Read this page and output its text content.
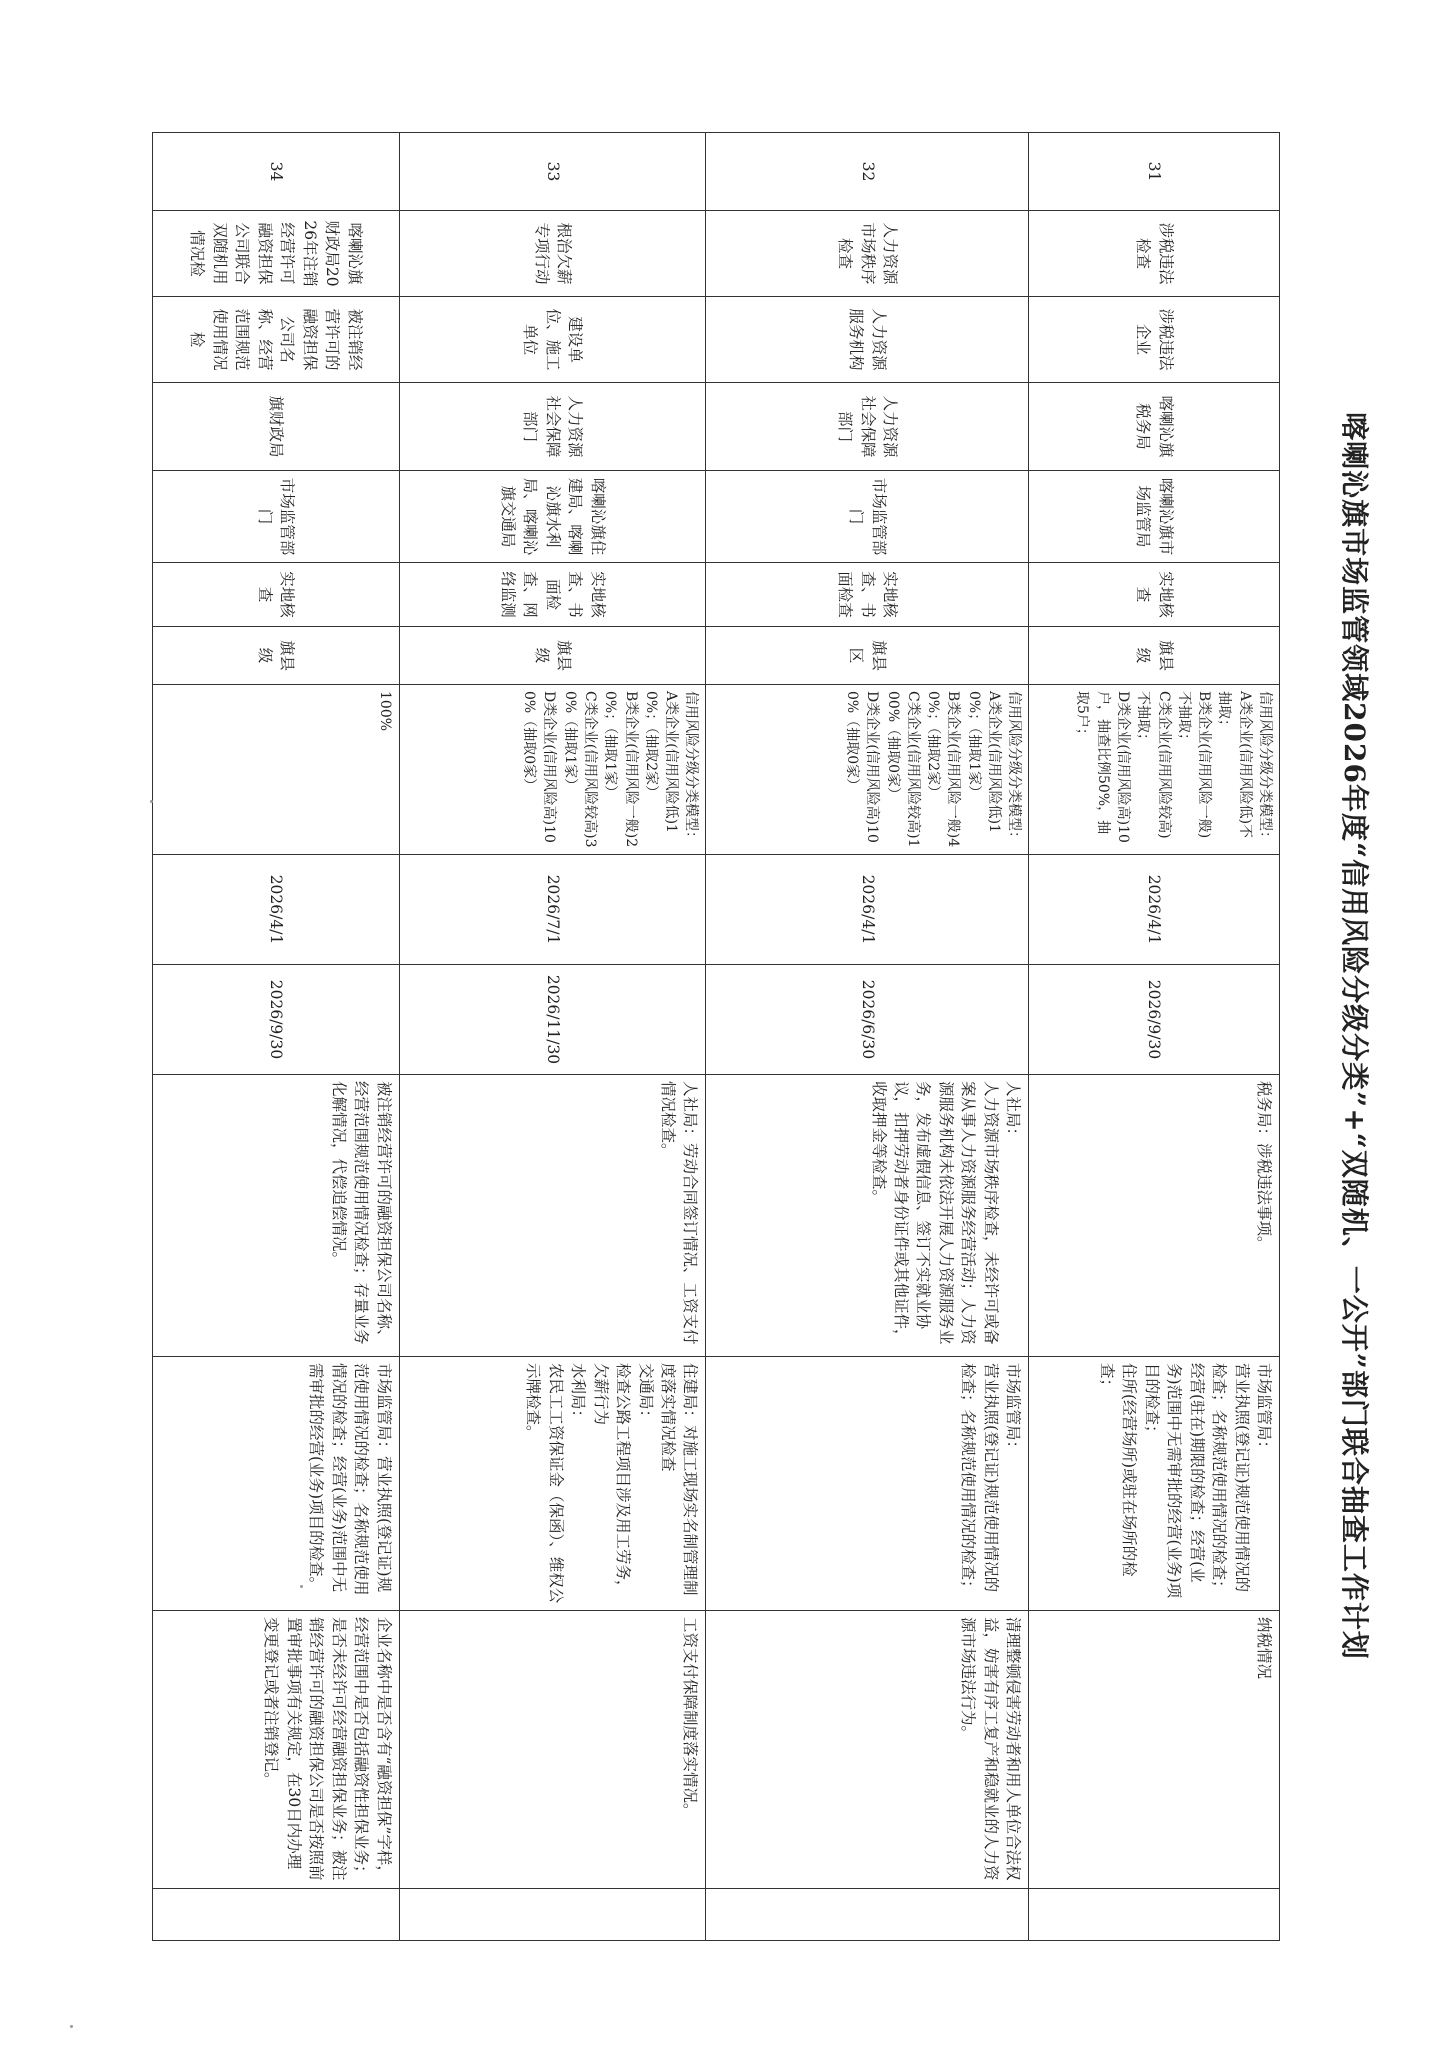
喀喇沁旗市场监管领域2026年度“信用风险分级分类”+“双随机、一公开”部门联合抽查工作计划
31	涉税违法检查	涉税违法企业	喀喇沁旗税务局	喀喇沁旗市场监管局	实地核查	旗县级	信用风险分级分类模型：
A类企业(信用风险低)不抽取；
B类企业(信用风险一般)不抽取；
C类企业(信用风险较高)不抽取；
D类企业(信用风险高)10户，抽查比例50%，抽取5户；	2026/4/1	2026/9/30	税务局：涉税违法事项。	市场监管局：
营业执照(登记证)规范使用情况的检查；名称规范使用情况的检查；
经营(驻在)期限的检查；经营(业务)范围中无需审批的经营(业务)项目的检查；
住所(经营场所)或驻在场所的检查；	纳税情况	

32	人力资源市场秩序检查	人力资源服务机构	人力资源社会保障部门	市场监管部门	实地核查、书面检查	旗县区	信用风险分级分类模型：
A类企业(信用风险低)10%；（抽取1家）
B类企业(信用风险一般)40%；（抽取2家）
C类企业(信用风险较高)100%（抽取0家）
D类企业(信用风险高)100%（抽取0家）	2026/4/1	2026/6/30	人社局：
人力资源市场秩序检查，未经许可或备案从事人力资源服务经营活动；人力资源服务机构未依法开展人力资源服务业务，发布虚假信息、签订不实就业协议，扣押劳动者身份证件或其他证件，收取押金等检查。	市场监管局：
营业执照(登记证)规范使用情况的检查；名称规范使用情况的检查；	清理整顿侵害劳动者和用人单位合法权益，妨害有序工复产和稳就业的人力资源市场违法行为。	

33	根治欠薪专项行动	建设单位、施工单位	人力资源社会保障部门	喀喇沁旗住建局、喀喇沁旗水利局、喀喇沁旗交通局	实地核查、书面检查、网络监测	旗县级	信用风险分级分类模型：
A类企业(信用风险低)10%；（抽取2家）
B类企业(信用风险一般)20%；（抽取1家）
C类企业(信用风险较高)30%（抽取1家）
D类企业(信用风险高)100%（抽取0家）	2026/7/1	2026/11/30	人社局：劳动合同签订情况、工资支付情况检查。	住建局：对施工现场实名制管理制度落实情况检查
交通局：
检查公路工程项目涉及用工劳务，欠薪行为
水利局：
农民工工资保证金（保函）、维权公示牌检查。	工资支付保障制度落实情况。	

34	喀喇沁旗财政局2026年注销经营许可融资担保公司联合双随机用情况检	被注销经营许可的融资担保公司名称、经营范围规范使用情况检	旗财政局	市场监管部门	实地核查	旗县级	100%	2026/4/1	2026/9/30	被注销经营许可的融资担保公司名称、经营范围规范使用情况检查；存量业务化解情况，代偿追偿情况。	市场监管局：营业执照(登记证)规范使用情况的检查；名称规范使用情况的检查；经营(业务)范围中无需审批的经营(业务)项目的检查。	企业名称中是否含有“融资担保”字样，经营范围中是否包括融资性担保业务；是否未经许可经营融资担保业务；被注销经营许可的融资担保公司是否按照前置审批事项有关规定，在30日内办理变更登记或者注销登记。	
